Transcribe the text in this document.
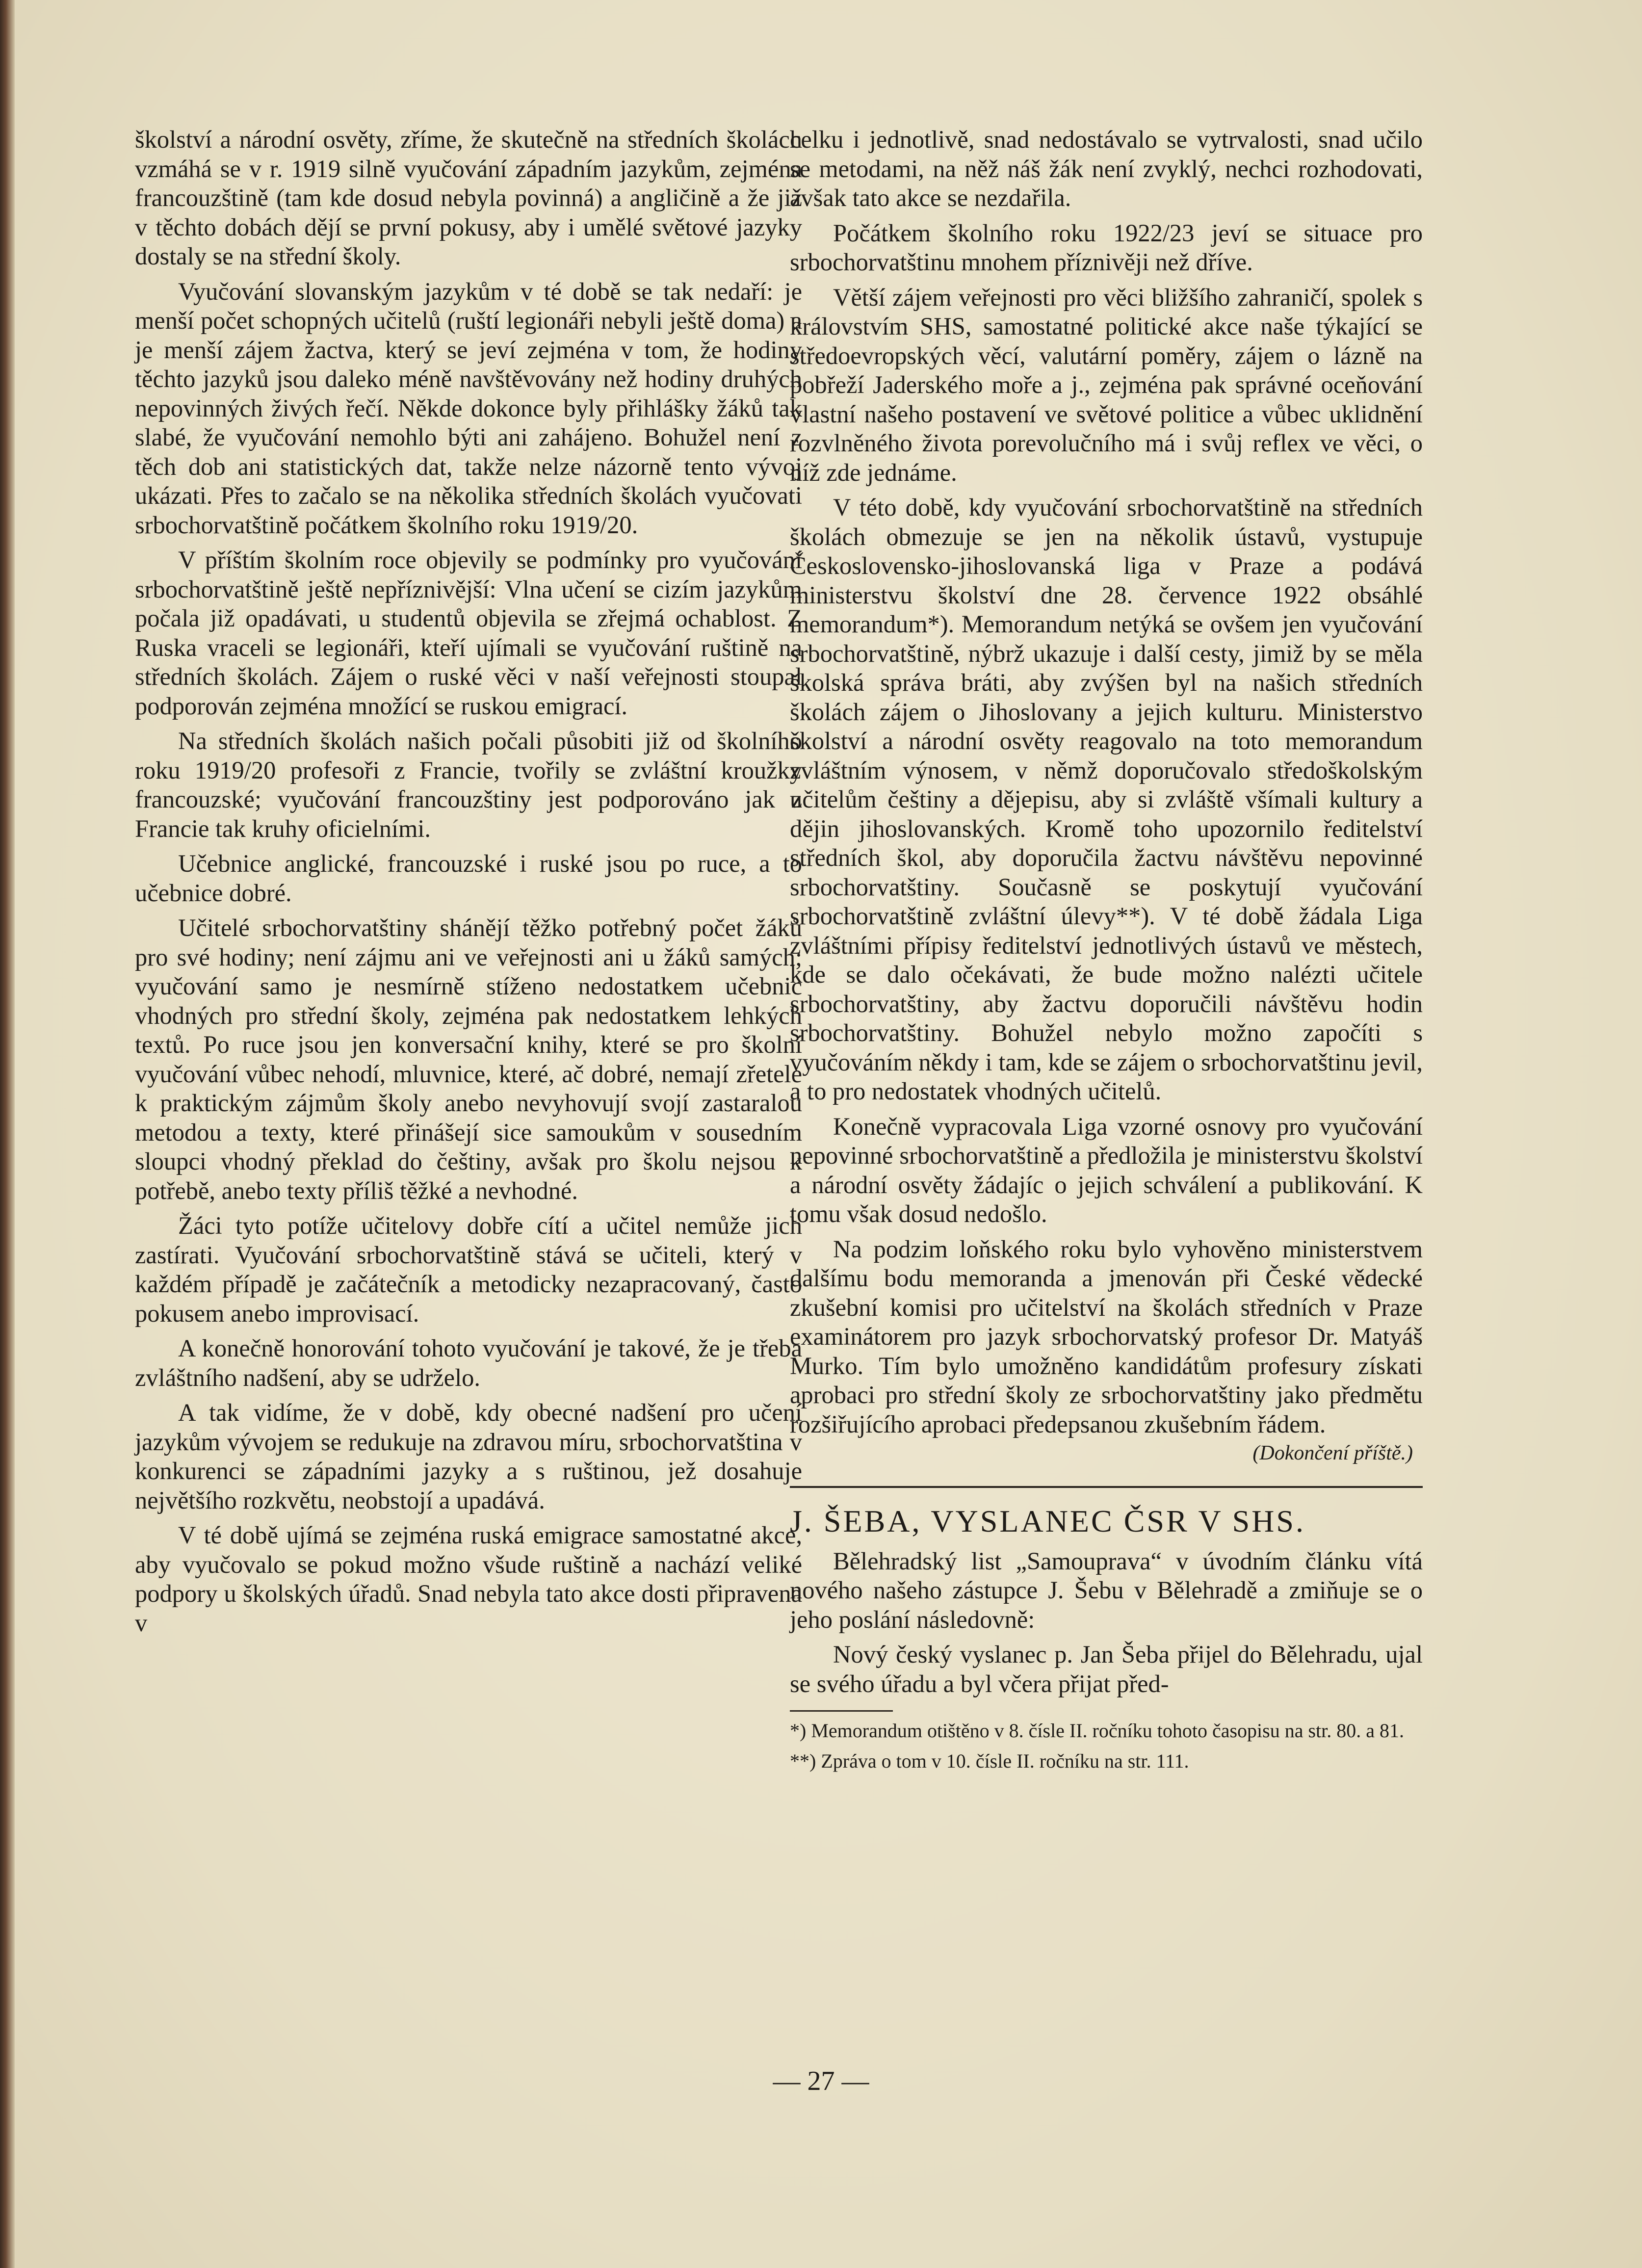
školství a národní osvěty, zříme, že skutečně na středních školách vzmáhá se v r. 1919 silně vyučování západním jazykům, zejména francouzštině (tam kde dosud nebyla povinná) a angličině a že již v těchto dobách dějí se první pokusy, aby i umělé světové jazyky dostaly se na střední školy.

Vyučování slovanským jazykům v té době se tak nedaří: je menší počet schopných učitelů (ruští legionáři nebyli ještě doma) a je menší zájem žactva, který se jeví zejména v tom, že hodiny těchto jazyků jsou daleko méně navštěvovány než hodiny druhých nepovinných živých řečí. Někde dokonce byly přihlášky žáků tak slabé, že vyučování nemohlo býti ani zahájeno. Bohužel není z těch dob ani statistických dat, takže nelze názorně tento vývoj ukázati. Přes to začalo se na několika středních školách vyučovati srbochorvatštině počátkem školního roku 1919/20.

V příštím školním roce objevily se podmínky pro vyučování srbochorvatštině ještě nepříznivější: Vlna učení se cizím jazykům počala již opadávati, u studentů objevila se zřejmá ochablost. Z Ruska vraceli se legionáři, kteří ujímali se vyučování ruštině na středních školách. Zájem o ruské věci v naší veřejnosti stoupal podporován zejména množící se ruskou emigrací.

Na středních školách našich počali působiti již od školního roku 1919/20 profesoři z Francie, tvořily se zvláštní kroužky francouzské; vyučování francouzštiny jest podporováno jak z Francie tak kruhy oficielními.

Učebnice anglické, francouzské i ruské jsou po ruce, a to učebnice dobré.

Učitelé srbochorvatštiny shánějí těžko potřebný počet žáků pro své hodiny; není zájmu ani ve veřejnosti ani u žáků samých; vyučování samo je nesmírně stíženo nedostatkem učebnic vhodných pro střední školy, zejména pak nedostatkem lehkých textů. Po ruce jsou jen konversační knihy, které se pro školní vyučování vůbec nehodí, mluvnice, které, ač dobré, nemají zřetele k praktickým zájmům školy anebo nevyhovují svojí zastaralou metodou a texty, které přinášejí sice samoukům v sousedním sloupci vhodný překlad do češtiny, avšak pro školu nejsou k potřebě, anebo texty příliš těžké a nevhodné.

Žáci tyto potíže učitelovy dobře cítí a učitel nemůže jich zastírati. Vyučování srbochorvatštině stává se učiteli, který v každém případě je začátečník a metodicky nezapracovaný, často pokusem anebo improvisací.

A konečně honorování tohoto vyučování je takové, že je třeba zvláštního nadšení, aby se udrželo.

A tak vidíme, že v době, kdy obecné nadšení pro učení jazykům vývojem se redukuje na zdravou míru, srbochorvatština v konkurenci se západními jazyky a s ruštinou, jež dosahuje největšího rozkvětu, neobstojí a upadává.

V té době ujímá se zejména ruská emigrace samostatné akce, aby vyučovalo se pokud možno všude ruštině a nachází veliké podpory u školských úřadů. Snad nebyla tato akce dosti připravena v

celku i jednotlivě, snad nedostávalo se vytrvalosti, snad učilo se metodami, na něž náš žák není zvyklý, nechci rozhodovati, avšak tato akce se nezdařila.

Počátkem školního roku 1922/23 jeví se situace pro srbochorvatštinu mnohem příznivěji než dříve.

Větší zájem veřejnosti pro věci bližšího zahraničí, spolek s královstvím SHS, samostatné politické akce naše týkající se středoevropských věcí, valutární poměry, zájem o lázně na pobřeží Jaderského moře a j., zejména pak správné oceňování vlastní našeho postavení ve světové politice a vůbec uklidnění rozvlněného života porevolučního má i svůj reflex ve věci, o níž zde jednáme.

V této době, kdy vyučování srbochorvatštině na středních školách obmezuje se jen na několik ústavů, vystupuje Československo-jihoslovanská liga v Praze a podává ministerstvu školství dne 28. července 1922 obsáhlé memorandum*). Memorandum netýká se ovšem jen vyučování srbochorvatštině, nýbrž ukazuje i další cesty, jimiž by se měla školská správa bráti, aby zvýšen byl na našich středních školách zájem o Jihoslovany a jejich kulturu. Ministerstvo školství a národní osvěty reagovalo na toto memorandum zvláštním výnosem, v němž doporučovalo středoškolským učitelům češtiny a dějepisu, aby si zvláště všímali kultury a dějin jihoslovanských. Kromě toho upozornilo ředitelství středních škol, aby doporučila žactvu návštěvu nepovinné srbochorvatštiny. Současně se poskytují vyučování srbochorvatštině zvláštní úlevy**). V té době žádala Liga zvláštními přípisy ředitelství jednotlivých ústavů ve městech, kde se dalo očekávati, že bude možno nalézti učitele srbochorvatštiny, aby žactvu doporučili návštěvu hodin srbochorvatštiny. Bohužel nebylo možno započíti s vyučováním někdy i tam, kde se zájem o srbochorvatštinu jevil, a to pro nedostatek vhodných učitelů.

Konečně vypracovala Liga vzorné osnovy pro vyučování nepovinné srbochorvatštině a předložila je ministerstvu školství a národní osvěty žádajíc o jejich schválení a publikování. K tomu však dosud nedošlo.

Na podzim loňského roku bylo vyhověno ministerstvem dalšímu bodu memoranda a jmenován při České vědecké zkušební komisi pro učitelství na školách středních v Praze examinátorem pro jazyk srbochorvatský profesor Dr. Matyáš Murko. Tím bylo umožněno kandidátům profesury získati aprobaci pro střední školy ze srbochorvatštiny jako předmětu rozšiřujícího aprobaci předepsanou zkušebním řádem.

(Dokončení příště.)
J. ŠEBA, VYSLANEC ČSR V SHS.

Bělehradský list „Samouprava“ v úvodním článku vítá nového našeho zástupce J. Šebu v Bělehradě a zmiňuje se o jeho poslání následovně:

Nový český vyslanec p. Jan Šeba přijel do Bělehradu, ujal se svého úřadu a byl včera přijat před-

*) Memorandum otištěno v 8. čísle II. ročníku tohoto časopisu na str. 80. a 81.

**) Zpráva o tom v 10. čísle II. ročníku na str. 111.

— 27 —
